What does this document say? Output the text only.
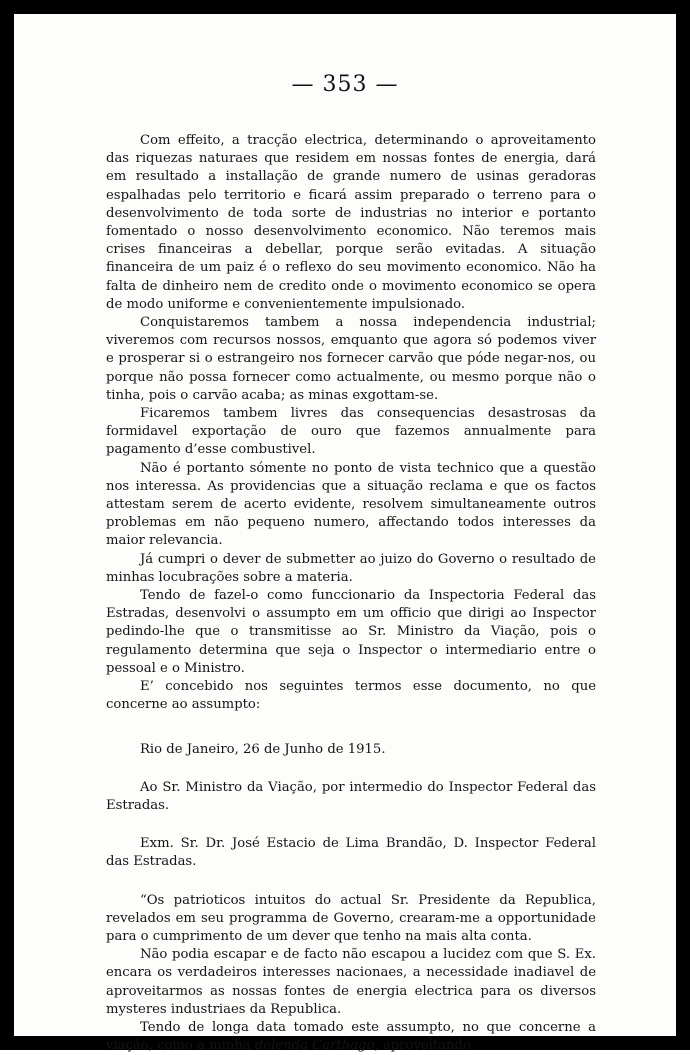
— 353 —

Com effeito, a tracção electrica, determinando o aproveitamento das riquezas naturaes que residem em nossas fontes de energia, dará em resultado a installação de grande numero de usinas geradoras espalhadas pelo territorio e ficará assim preparado o terreno para o desenvolvimento de toda sorte de industrias no interior e portanto fomentado o nosso desenvolvimento economico. Não teremos mais crises financeiras a debellar, porque serão evitadas. A situação financeira de um paiz é o reflexo do seu movimento economico. Não ha falta de dinheiro nem de credito onde o movimento economico se opera de modo uniforme e convenientemente impulsionado.

Conquistaremos tambem a nossa independencia industrial; viveremos com recursos nossos, emquanto que agora só podemos viver e prosperar si o estrangeiro nos fornecer carvão que póde negar-nos, ou porque não possa fornecer como actualmente, ou mesmo porque não o tinha, pois o carvão acaba; as minas exgottam-se.

Ficaremos tambem livres das consequencias desastrosas da formidavel exportação de ouro que fazemos annualmente para pagamento d’esse combustivel.

Não é portanto sómente no ponto de vista technico que a questão nos interessa. As providencias que a situação reclama e que os factos attestam serem de acerto evidente, resolvem simultaneamente outros problemas em não pequeno numero, affectando todos interesses da maior relevancia.

Já cumpri o dever de submetter ao juizo do Governo o resultado de minhas locubrações sobre a materia.

Tendo de fazel-o como funccionario da Inspectoria Federal das Estradas, desenvolvi o assumpto em um officio que dirigi ao Inspector pedindo-lhe que o transmitisse ao Sr. Ministro da Viação, pois o regulamento determina que seja o Inspector o intermediario entre o pessoal e o Ministro.

E’ concebido nos seguintes termos esse documento, no que concerne ao assumpto:

Rio de Janeiro, 26 de Junho de 1915.

Ao Sr. Ministro da Viação, por intermedio do Inspector Federal das Estradas.

Exm. Sr. Dr. José Estacio de Lima Brandão, D. Inspector Federal das Estradas.

“Os patrioticos intuitos do actual Sr. Presidente da Republica, revelados em seu programma de Governo, crearam-me a opportunidade para o cumprimento de um dever que tenho na mais alta conta.

Não podia escapar e de facto não escapou a lucidez com que S. Ex. encara os verdadeiros interesses nacionaes, a necessidade inadiavel de aproveitarmos as nossas fontes de energia electrica para os diversos mysteres industriaes da Republica.

Tendo de longa data tomado este assumpto, no que concerne a viação, como a minha delenda Carthago, aproveitando
